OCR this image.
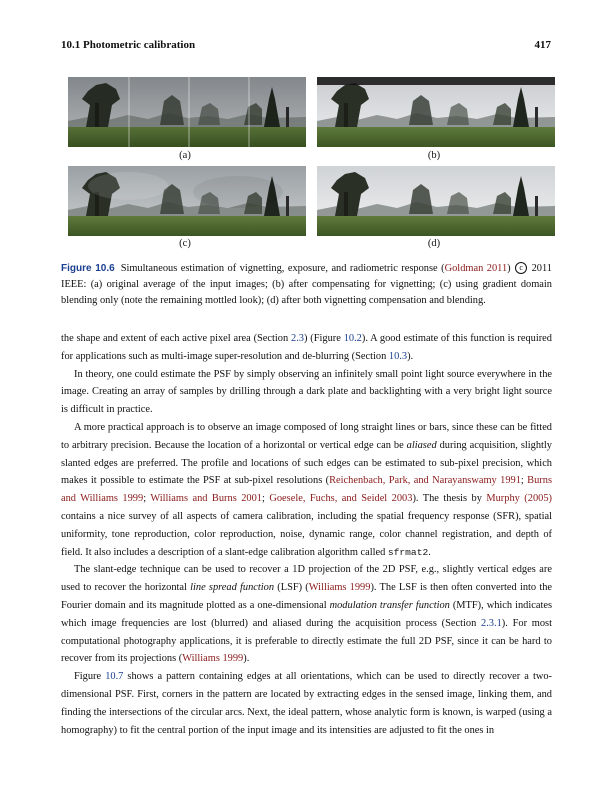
10.1 Photometric calibration	417
(a)	(b)
(c)	(d)
Figure 10.6 Simultaneous estimation of vignetting, exposure, and radiometric response (Goldman 2011) c 2011 IEEE: (a) original average of the input images; (b) after compensating for vignetting; (c) using gradient domain blending only (note the remaining mottled look); (d) after both vignetting compensation and blending.

the shape and extent of each active pixel area (Section 2.3) (Figure 10.2). A good estimate of this function is required for applications such as multi-image super-resolution and de-blurring (Section 10.3).

In theory, one could estimate the PSF by simply observing an infinitely small point light source everywhere in the image. Creating an array of samples by drilling through a dark plate and backlighting with a very bright light source is difficult in practice.

A more practical approach is to observe an image composed of long straight lines or bars, since these can be fitted to arbitrary precision. Because the location of a horizontal or vertical edge can be aliased during acquisition, slightly slanted edges are preferred. The profile and locations of such edges can be estimated to sub-pixel precision, which makes it possible to estimate the PSF at sub-pixel resolutions (Reichenbach, Park, and Narayanswamy 1991; Burns and Williams 1999; Williams and Burns 2001; Goesele, Fuchs, and Seidel 2003). The thesis by Murphy (2005) contains a nice survey of all aspects of camera calibration, including the spatial frequency response (SFR), spatial uniformity, tone reproduction, color reproduction, noise, dynamic range, color channel registration, and depth of field. It also includes a description of a slant-edge calibration algorithm called sfrmat2.

The slant-edge technique can be used to recover a 1D projection of the 2D PSF, e.g., slightly vertical edges are used to recover the horizontal line spread function (LSF) (Williams 1999). The LSF is then often converted into the Fourier domain and its magnitude plotted as a one-dimensional modulation transfer function (MTF), which indicates which image frequencies are lost (blurred) and aliased during the acquisition process (Section 2.3.1). For most computational photography applications, it is preferable to directly estimate the full 2D PSF, since it can be hard to recover from its projections (Williams 1999).

Figure 10.7 shows a pattern containing edges at all orientations, which can be used to directly recover a two-dimensional PSF. First, corners in the pattern are located by extracting edges in the sensed image, linking them, and finding the intersections of the circular arcs. Next, the ideal pattern, whose analytic form is known, is warped (using a homography) to fit the central portion of the input image and its intensities are adjusted to fit the ones in
